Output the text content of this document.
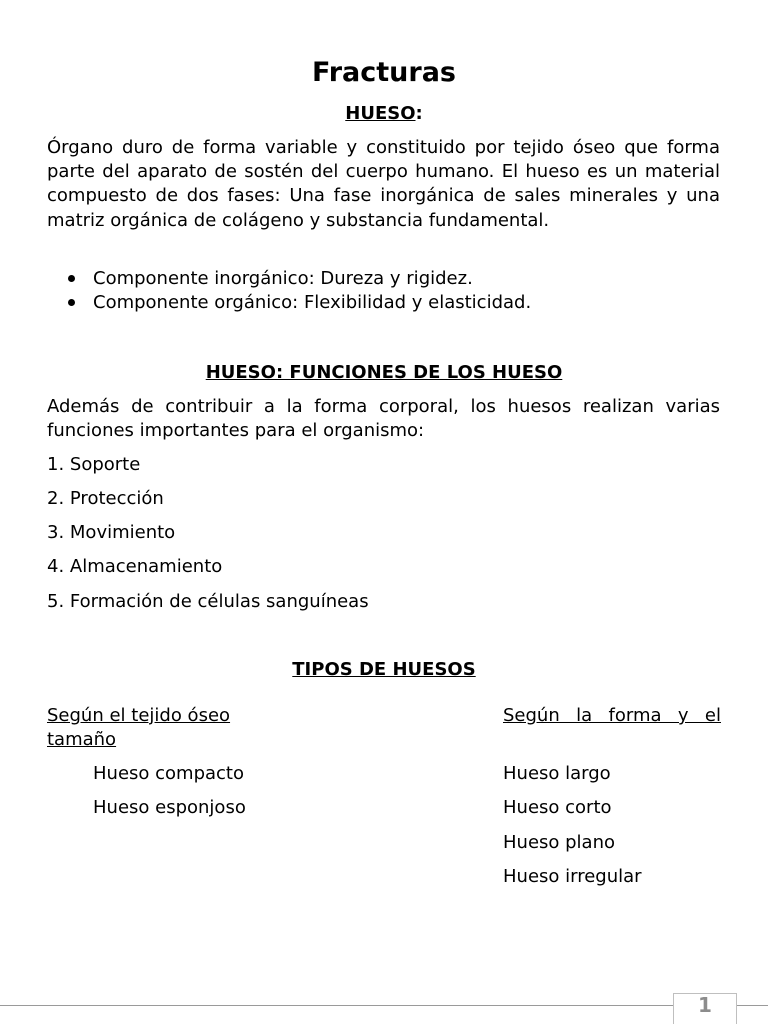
Fracturas
HUESO:
Órgano duro de forma variable y constituido por tejido óseo que forma parte del aparato de sostén del cuerpo humano. El hueso es un material compuesto de dos fases: Una fase inorgánica de sales minerales y una matriz orgánica de colágeno y substancia fundamental.
Componente inorgánico: Dureza y rigidez.
Componente orgánico: Flexibilidad y elasticidad.
HUESO: FUNCIONES DE LOS HUESO
Además de contribuir a la forma corporal, los huesos realizan varias funciones importantes para el organismo:
1. Soporte
2. Protección
3. Movimiento
4. Almacenamiento
5. Formación de células sanguíneas
TIPOS DE HUESOS
Según el tejido óseo
tamaño
Según la forma y el
Hueso compacto
Hueso esponjoso
Hueso largo
Hueso corto
Hueso plano
Hueso irregular
1
